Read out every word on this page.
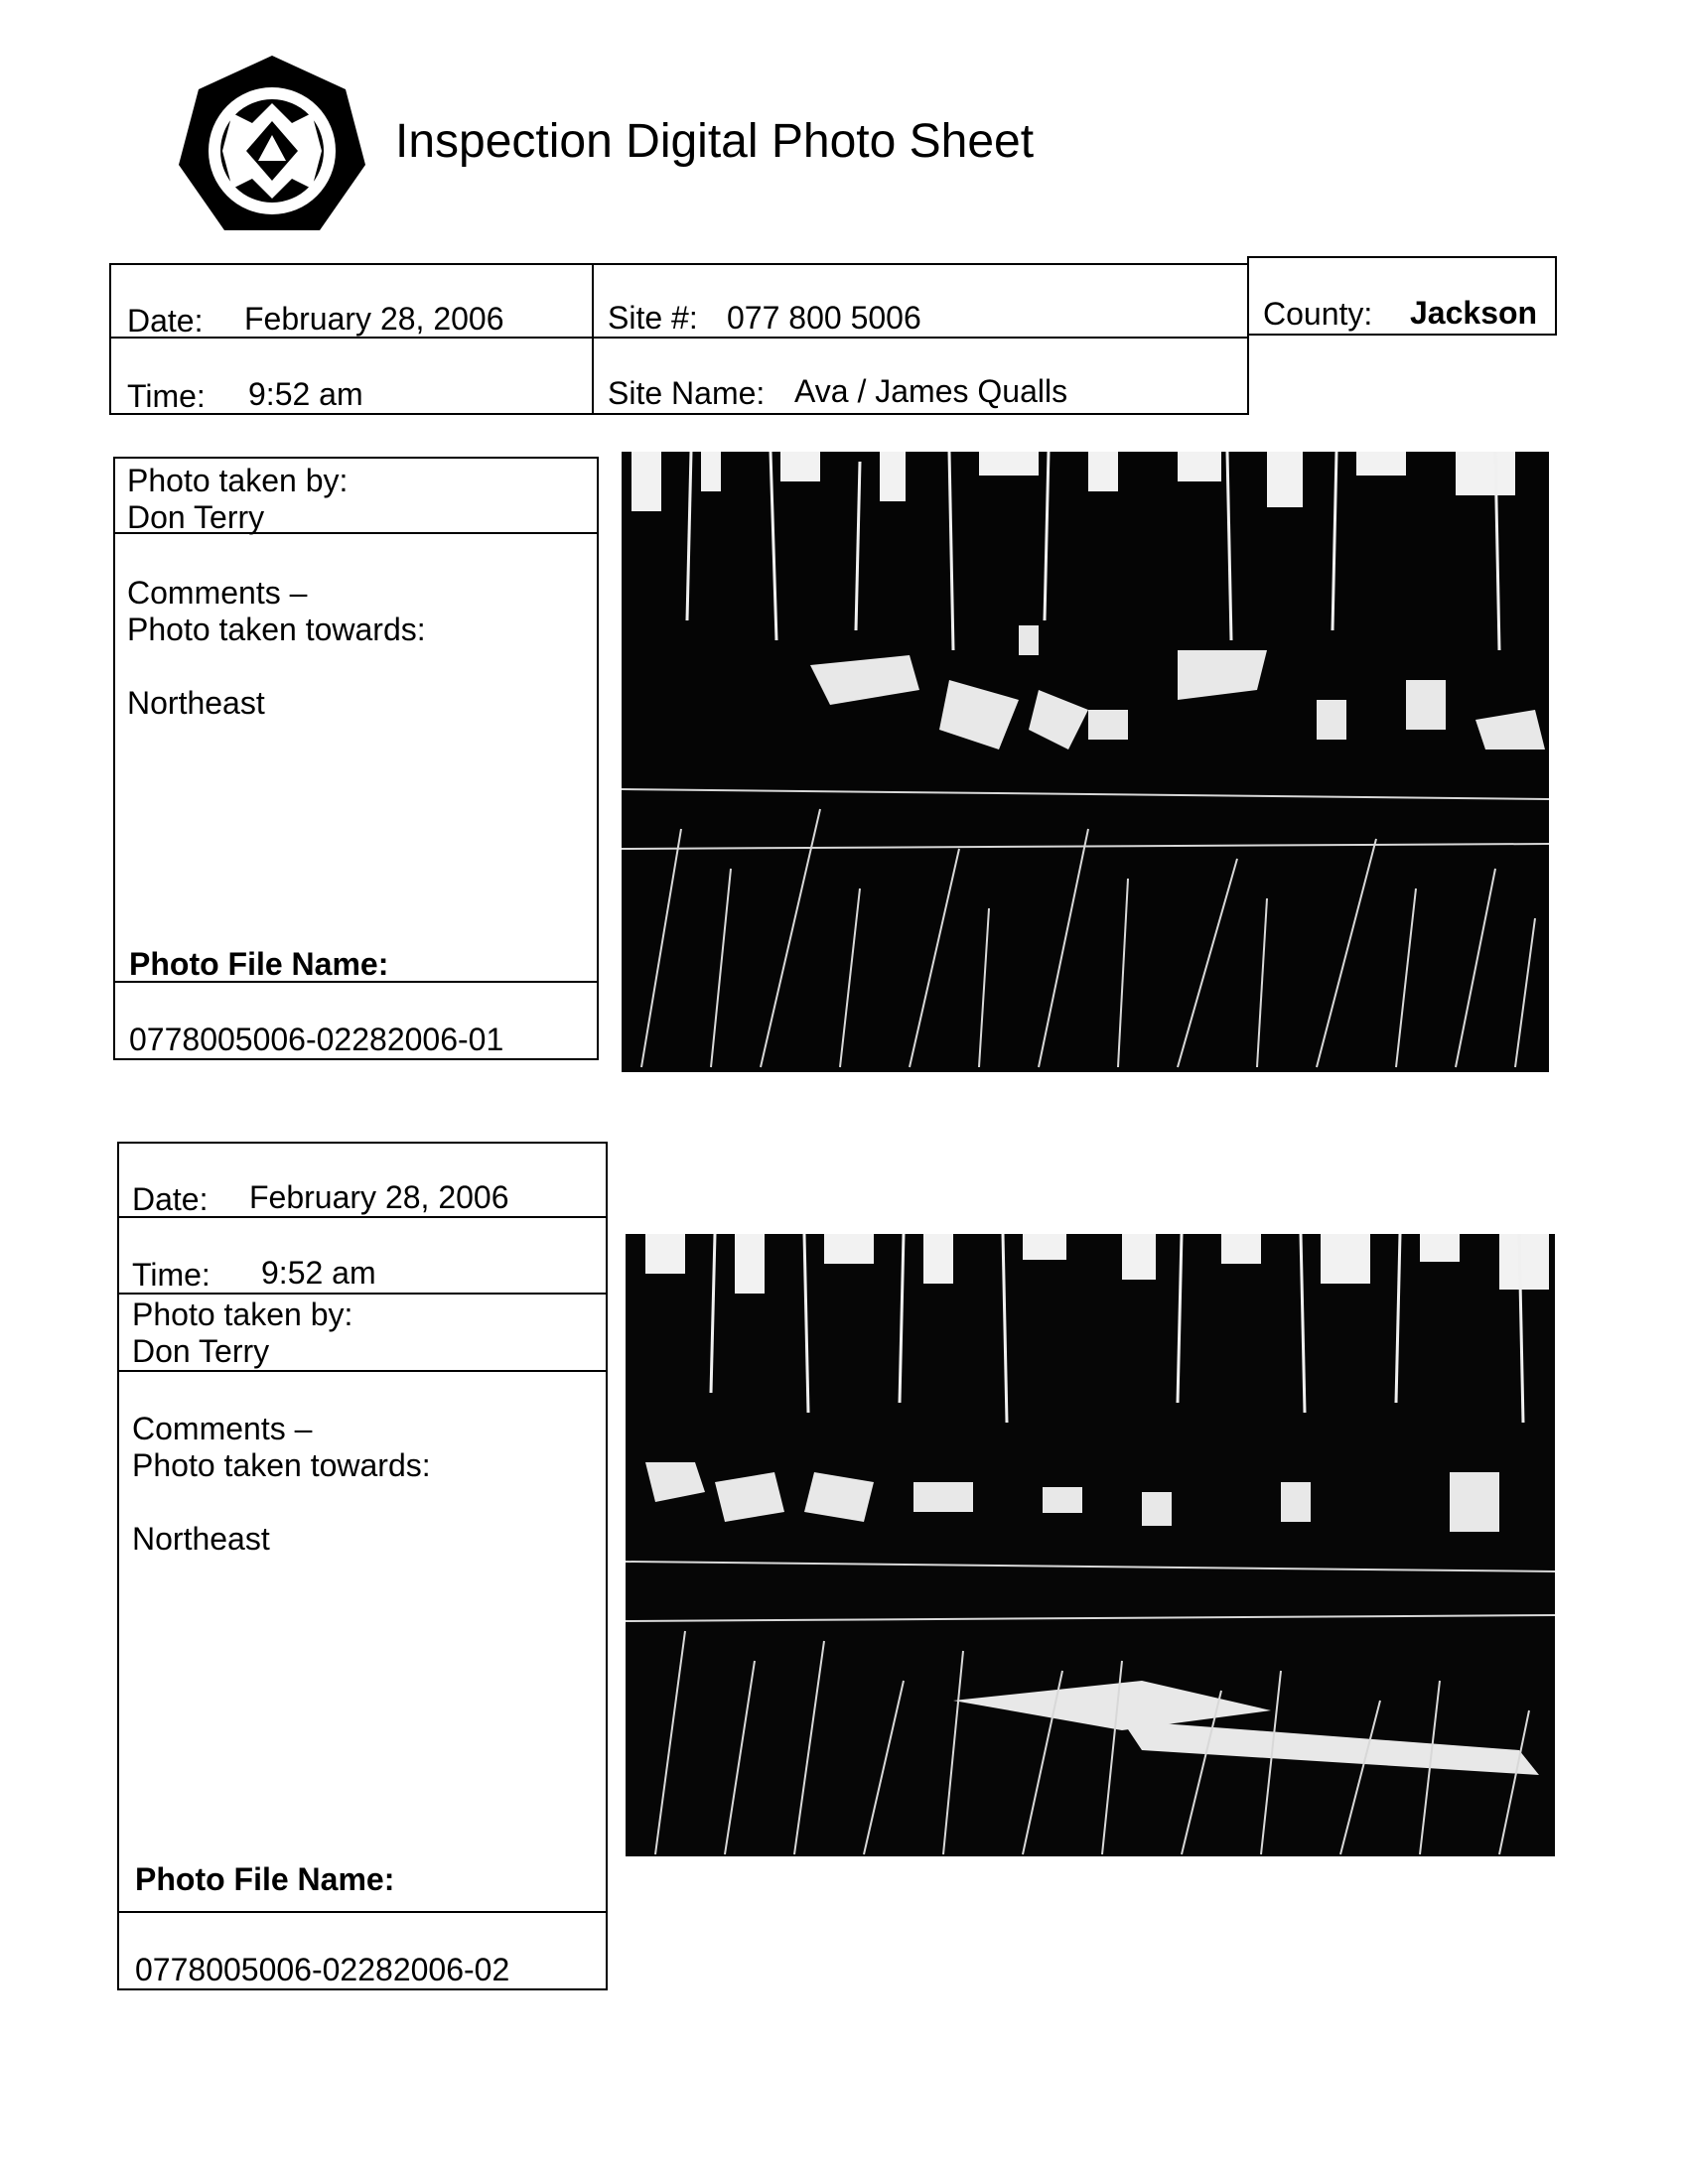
Inspection Digital Photo Sheet
Date: February 28, 2006
Time: 9:52 am
Site #: 077 800 5006
Site Name: Ava / James Qualls
County: Jackson
Photo taken by:
Don Terry
Comments –
Photo taken towards:
Northeast
Photo File Name:
0778005006-02282006-01
Date: February 28, 2006
Time: 9:52 am
Photo taken by:
Don Terry
Comments –
Photo taken towards:
Northeast
Photo File Name:
0778005006-02282006-02
